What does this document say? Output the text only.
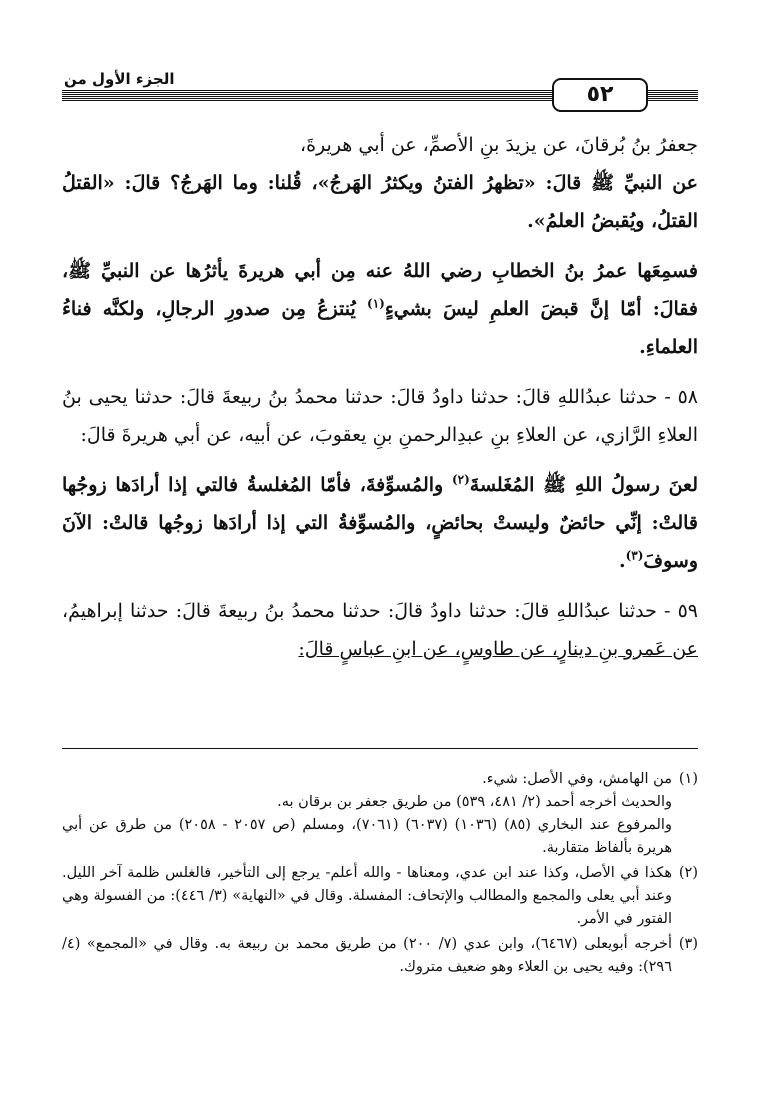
الجزء الأول من
٥٢

جعفرُ بنُ بُرقانَ، عن يزيدَ بنِ الأصمِّ، عن أبي هريرةَ،

عن النبيِّ ﷺ قالَ: «تظهرُ الفتنُ ويكثرُ الهَرجُ»، قُلنا: وما الهَرجُ؟ قالَ: «القتلُ القتلُ، ويُقبضُ العلمُ».

فسمِعَها عمرُ بنُ الخطابِ رضي اللهُ عنه مِن أبي هريرةَ يأثرُها عن النبيِّ ﷺ، فقالَ: أمّا إنَّ قبضَ العلمِ ليسَ بشيءٍ$^{(١)}$ يُنتزعُ مِن صدورِ الرجالِ، ولكنَّه فناءُ العلماءِ.

٥٨ - حدثنا عبدُاللهِ قالَ: حدثنا داودُ قالَ: حدثنا محمدُ بنُ ربيعةَ قالَ: حدثنا يحيى بنُ العلاءِ الرَّازي، عن العلاءِ بنِ عبدِالرحمنِ بنِ يعقوبَ، عن أبيه، عن أبي هريرةَ قالَ:

لعنَ رسولُ اللهِ ﷺ المُغَلسةَ$^{(٢)}$ والمُسوِّفةَ، فأمّا المُغلسةُ فالتي إذا أرادَها زوجُها قالتْ: إنِّي حائضٌ وليستْ بحائضٍ، والمُسوِّفةُ التي إذا أرادَها زوجُها قالتْ: الآنَ وسوفَ$^{(٣)}$.

٥٩ - حدثنا عبدُاللهِ قالَ: حدثنا داودُ قالَ: حدثنا محمدُ بنُ ربيعةَ قالَ: حدثنا إبراهيمُ، عن عَمرو بنِ دينارٍ، عن طاوسٍ، عن ابنِ عباسٍ قالَ:

(١)
من الهامش، وفي الأصل: شيء.
والحديث أخرجه أحمد (٢/ ٤٨١، ٥٣٩) من طريق جعفر بن برقان به.
والمرفوع عند البخاري (٨٥) (١٠٣٦) (٦٠٣٧) (٧٠٦١)، ومسلم (ص ٢٠٥٧ - ٢٠٥٨) من طرق عن أبي هريرة بألفاظ متقاربة.
(٢)
هكذا في الأصل، وكذا عند ابن عدي، ومعناها - والله أعلم- يرجع إلى التأخير، فالغلس ظلمة آخر الليل. وعند أبي يعلى والمجمع والمطالب والإتحاف: المفسلة. وقال في «النهاية» (٣/ ٤٤٦): من الفسولة وهي الفتور في الأمر.
(٣)
أخرجه أبويعلى (٦٤٦٧)، وابن عدي (٧/ ٢٠٠) من طريق محمد بن ربيعة به. وقال في «المجمع» (٤/ ٢٩٦): وفيه يحيى بن العلاء وهو ضعيف متروك.
